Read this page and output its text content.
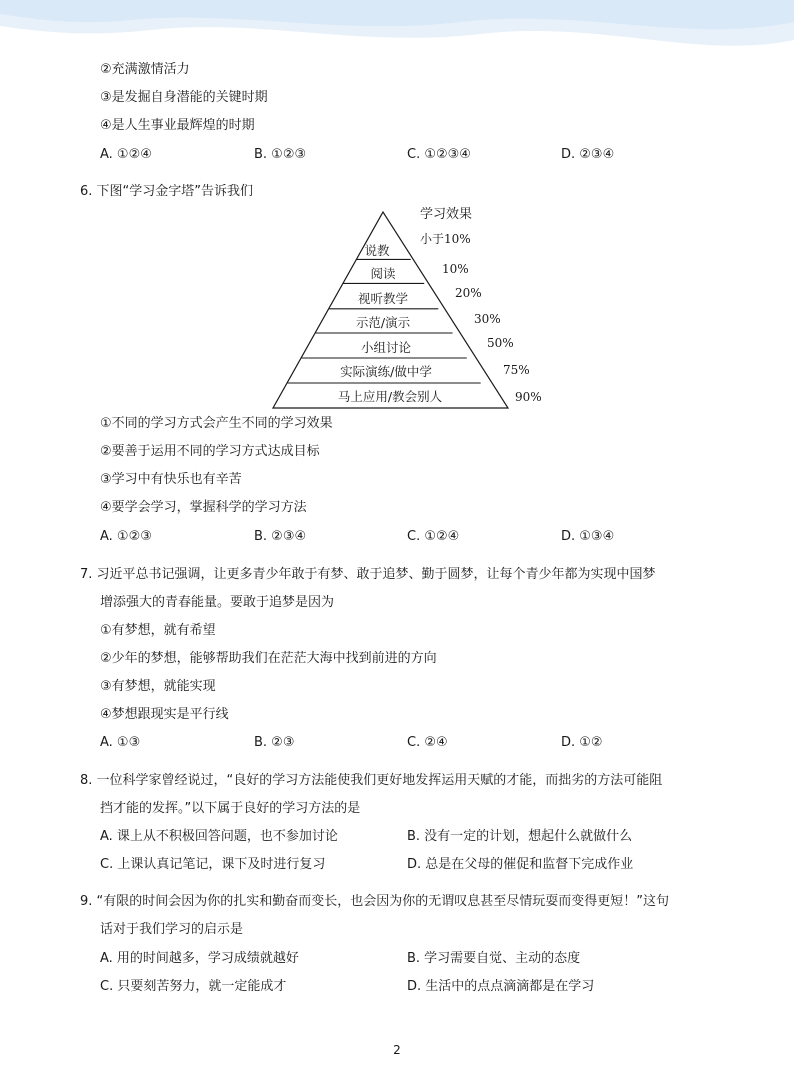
②充满激情活力
③是发掘自身潜能的关键时期
④是人生事业最辉煌的时期
A. ①②④	B. ①②③	C. ①②③④	D. ②③④
6. 下图“学习金字塔”告诉我们
学习效果
说教
阅读
视听教学
示范/演示
小组讨论
实际演练/做中学
马上应用/教会别人
小于10%
10%
20%
30%
50%
75%
90%
①不同的学习方式会产生不同的学习效果
②要善于运用不同的学习方式达成目标
③学习中有快乐也有辛苦
④要学会学习，掌握科学的学习方法
A. ①②③	B. ②③④	C. ①②④	D. ①③④
7. 习近平总书记强调，让更多青少年敢于有梦、敢于追梦、勤于圆梦，让每个青少年都为实现中国梦
增添强大的青春能量。要敢于追梦是因为
①有梦想，就有希望
②少年的梦想，能够帮助我们在茫茫大海中找到前进的方向
③有梦想，就能实现
④梦想跟现实是平行线
A. ①③	B. ②③	C. ②④	D. ①②
8. 一位科学家曾经说过，“良好的学习方法能使我们更好地发挥运用天赋的才能，而拙劣的方法可能阻
挡才能的发挥。”以下属于良好的学习方法的是
A. 课上从不积极回答问题，也不参加讨论	B. 没有一定的计划，想起什么就做什么
C. 上课认真记笔记，课下及时进行复习	D. 总是在父母的催促和监督下完成作业
9. “有限的时间会因为你的扎实和勤奋而变长，也会因为你的无谓叹息甚至尽情玩耍而变得更短！”这句
话对于我们学习的启示是
A. 用的时间越多，学习成绩就越好	B. 学习需要自觉、主动的态度
C. 只要刻苦努力，就一定能成才	D. 生活中的点点滴滴都是在学习
2
